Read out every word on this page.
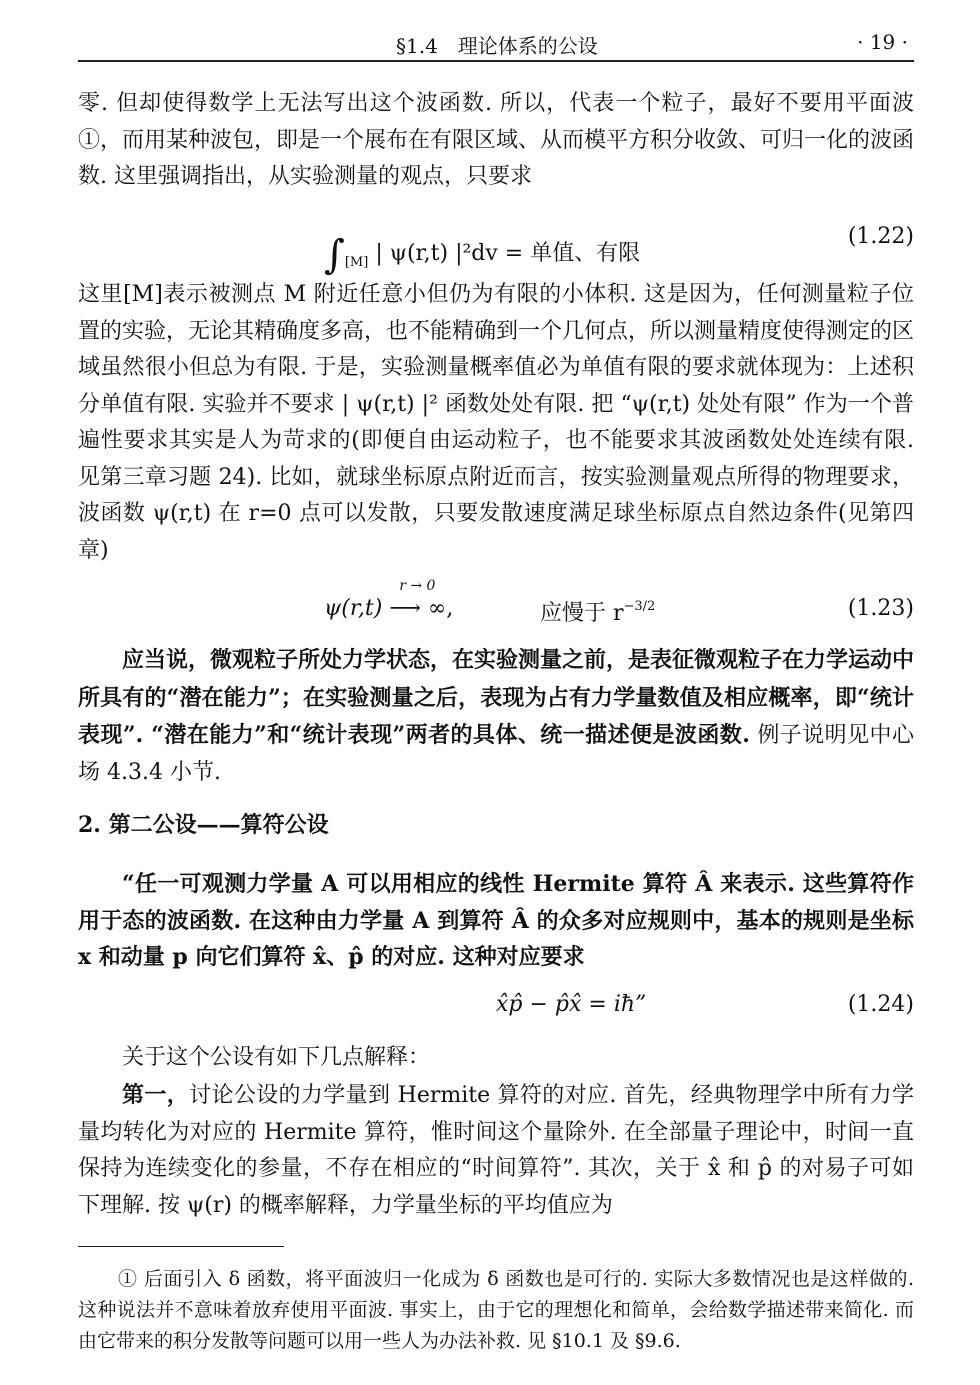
§1.4　理论体系的公设	· 19 ·
零. 但却使得数学上无法写出这个波函数. 所以，代表一个粒子，最好不要用平面波①，而用某种波包，即是一个展布在有限区域、从而模平方积分收敛、可归一化的波函数. 这里强调指出，从实验测量的观点，只要求
$\int_{[M]}$ | ψ(r,t) |²dv = 单值、有限
(1.22)
这里[M]表示被测点 M 附近任意小但仍为有限的小体积. 这是因为，任何测量粒子位置的实验，无论其精确度多高，也不能精确到一个几何点，所以测量精度使得测定的区域虽然很小但总为有限. 于是，实验测量概率值必为单值有限的要求就体现为：上述积分单值有限. 实验并不要求 | ψ(r,t) |² 函数处处有限. 把 “ψ(r,t) 处处有限” 作为一个普遍性要求其实是人为苛求的(即便自由运动粒子，也不能要求其波函数处处连续有限. 见第三章习题 24). 比如，就球坐标原点附近而言，按实验测量观点所得的物理要求，波函数 ψ(r,t) 在 r=0 点可以发散，只要发散速度满足球坐标原点自然边条件(见第四章)
ψ(r,t)
r → 0
⟶ ∞,	应慢于 $r^{-3/2}$	(1.23)
应当说，微观粒子所处力学状态，在实验测量之前，是表征微观粒子在力学运动中所具有的“潜在能力”；在实验测量之后，表现为占有力学量数值及相应概率，即“统计表现”. “潜在能力”和“统计表现”两者的具体、统一描述便是波函数. 例子说明见中心场 4.3.4 小节.
2. 第二公设——算符公设
“任一可观测力学量 A 可以用相应的线性 Hermite 算符 Â 来表示. 这些算符作用于态的波函数. 在这种由力学量 A 到算符 Â 的众多对应规则中，基本的规则是坐标 x 和动量 p 向它们算符 x̂、p̂ 的对应. 这种对应要求
x̂p̂ − p̂x̂ = iħ”	(1.24)
关于这个公设有如下几点解释：
第一，讨论公设的力学量到 Hermite 算符的对应. 首先，经典物理学中所有力学量均转化为对应的 Hermite 算符，惟时间这个量除外. 在全部量子理论中，时间一直保持为连续变化的参量，不存在相应的“时间算符”. 其次，关于 x̂ 和 p̂ 的对易子可如下理解. 按 ψ(r) 的概率解释，力学量坐标的平均值应为
① 后面引入 δ 函数，将平面波归一化成为 δ 函数也是可行的. 实际大多数情况也是这样做的. 这种说法并不意味着放弃使用平面波. 事实上，由于它的理想化和简单，会给数学描述带来简化. 而由它带来的积分发散等问题可以用一些人为办法补救. 见 §10.1 及 §9.6.
